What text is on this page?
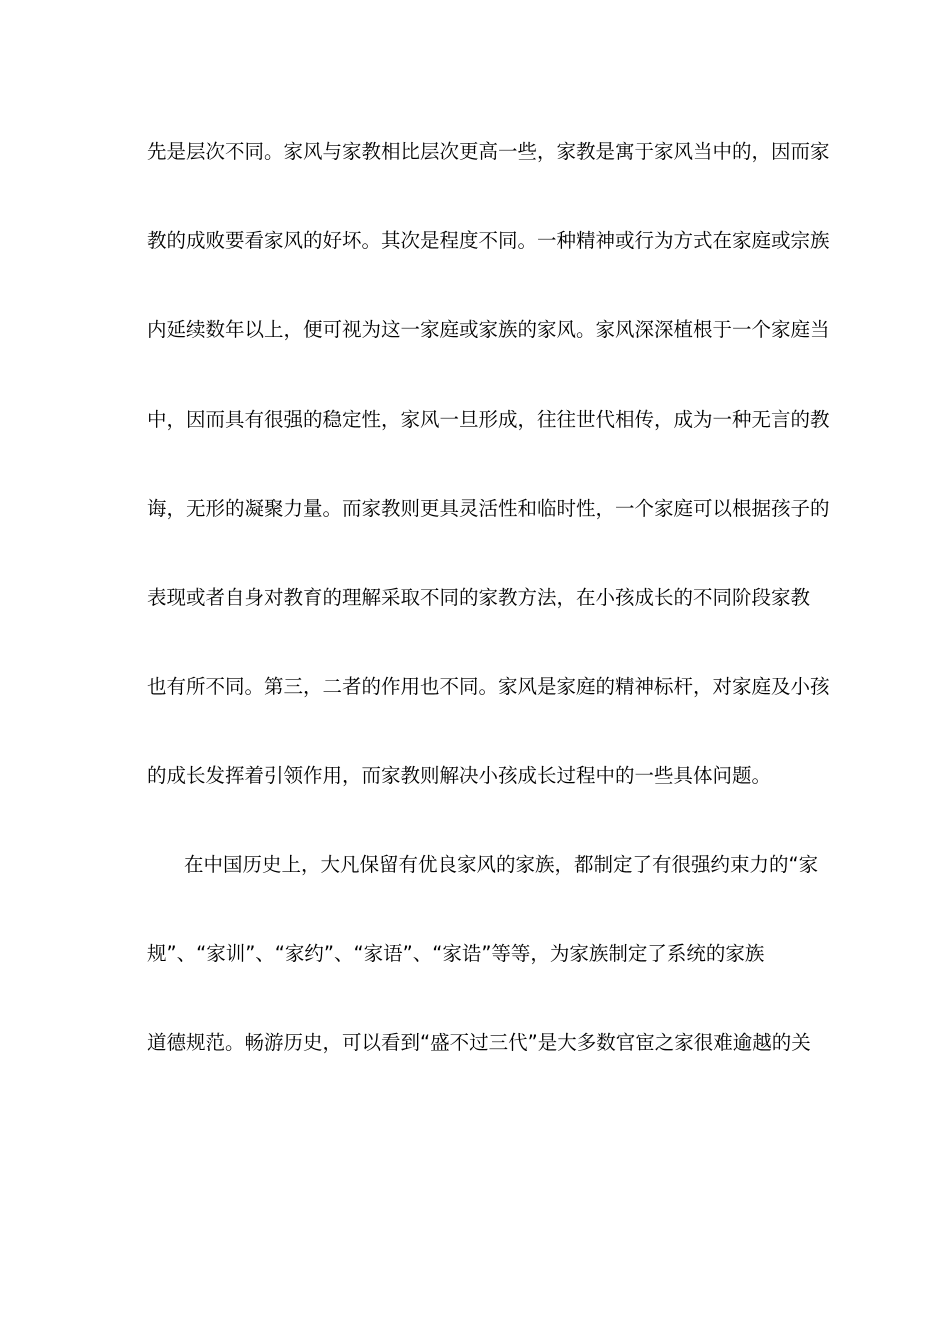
先是层次不同。家风与家教相比层次更高一些，家教是寓于家风当中的，因而家
教的成败要看家风的好坏。其次是程度不同。一种精神或行为方式在家庭或宗族
内延续数年以上，便可视为这一家庭或家族的家风。家风深深植根于一个家庭当
中，因而具有很强的稳定性，家风一旦形成，往往世代相传，成为一种无言的教
诲，无形的凝聚力量。而家教则更具灵活性和临时性，一个家庭可以根据孩子的
表现或者自身对教育的理解采取不同的家教方法，在小孩成长的不同阶段家教
也有所不同。第三，二者的作用也不同。家风是家庭的精神标杆，对家庭及小孩
的成长发挥着引领作用，而家教则解决小孩成长过程中的一些具体问题。
在中国历史上，大凡保留有优良家风的家族，都制定了有很强约束力的“家
规”、“家训”、“家约”、“家语”、“家诰”等等，为家族制定了系统的家族
道德规范。畅游历史，可以看到“盛不过三代”是大多数官宦之家很难逾越的关
